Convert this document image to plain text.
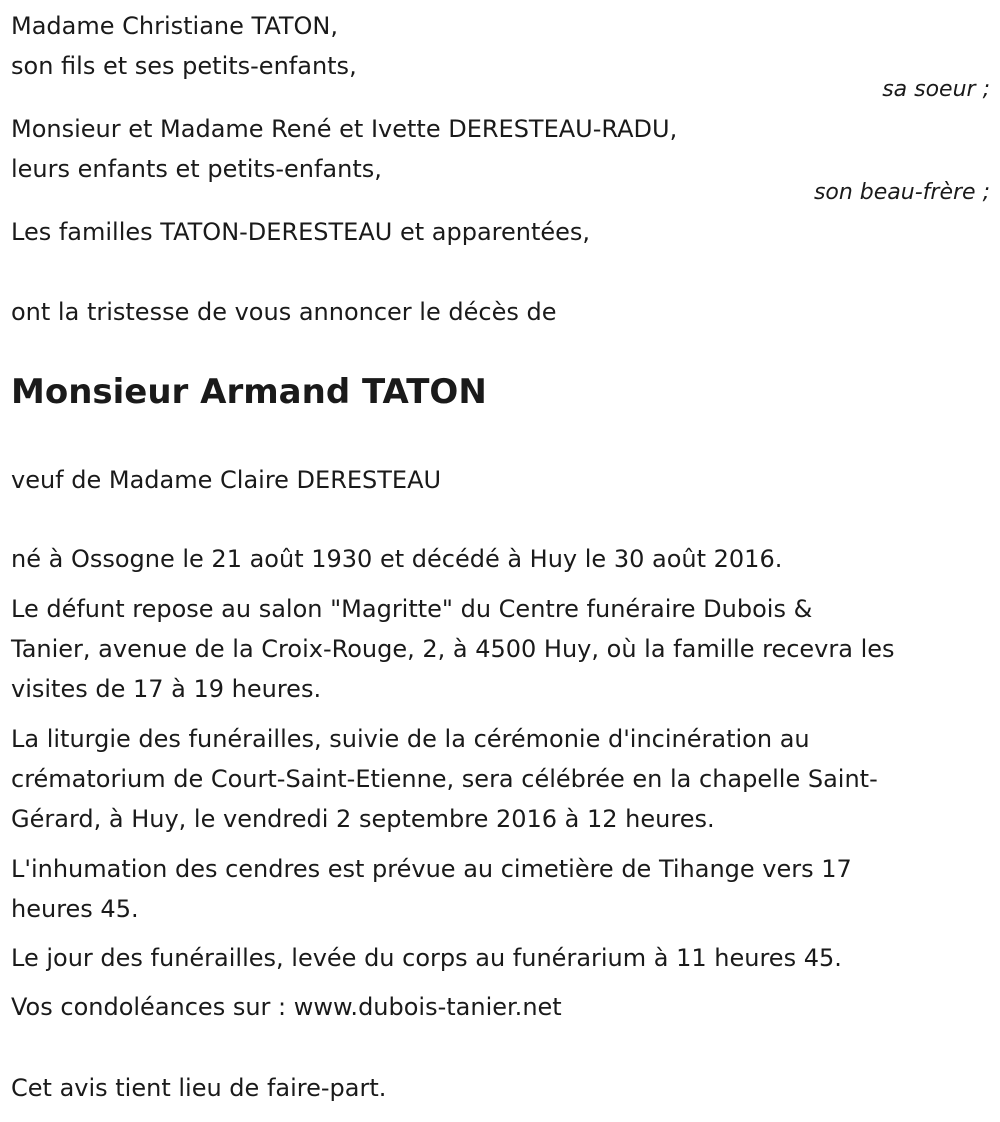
Madame Christiane TATON,
son fils et ses petits-enfants,
sa soeur ;
Monsieur et Madame René et Ivette DERESTEAU-RADU,
leurs enfants et petits-enfants,
son beau-frère ;
Les familles TATON-DERESTEAU et apparentées,
ont la tristesse de vous annoncer le décès de
Monsieur Armand TATON
veuf de Madame Claire DERESTEAU
né à Ossogne le 21 août 1930 et décédé à Huy le 30 août 2016.
Le défunt repose au salon "Magritte" du Centre funéraire Dubois &
Tanier, avenue de la Croix-Rouge, 2, à 4500 Huy, où la famille recevra les
visites de 17 à 19 heures.
La liturgie des funérailles, suivie de la cérémonie d'incinération au
crématorium de Court-Saint-Etienne, sera célébrée en la chapelle Saint-
Gérard, à Huy, le vendredi 2 septembre 2016 à 12 heures.
L'inhumation des cendres est prévue au cimetière de Tihange vers 17
heures 45.
Le jour des funérailles, levée du corps au funérarium à 11 heures 45.
Vos condoléances sur : www.dubois-tanier.net
Cet avis tient lieu de faire-part.
